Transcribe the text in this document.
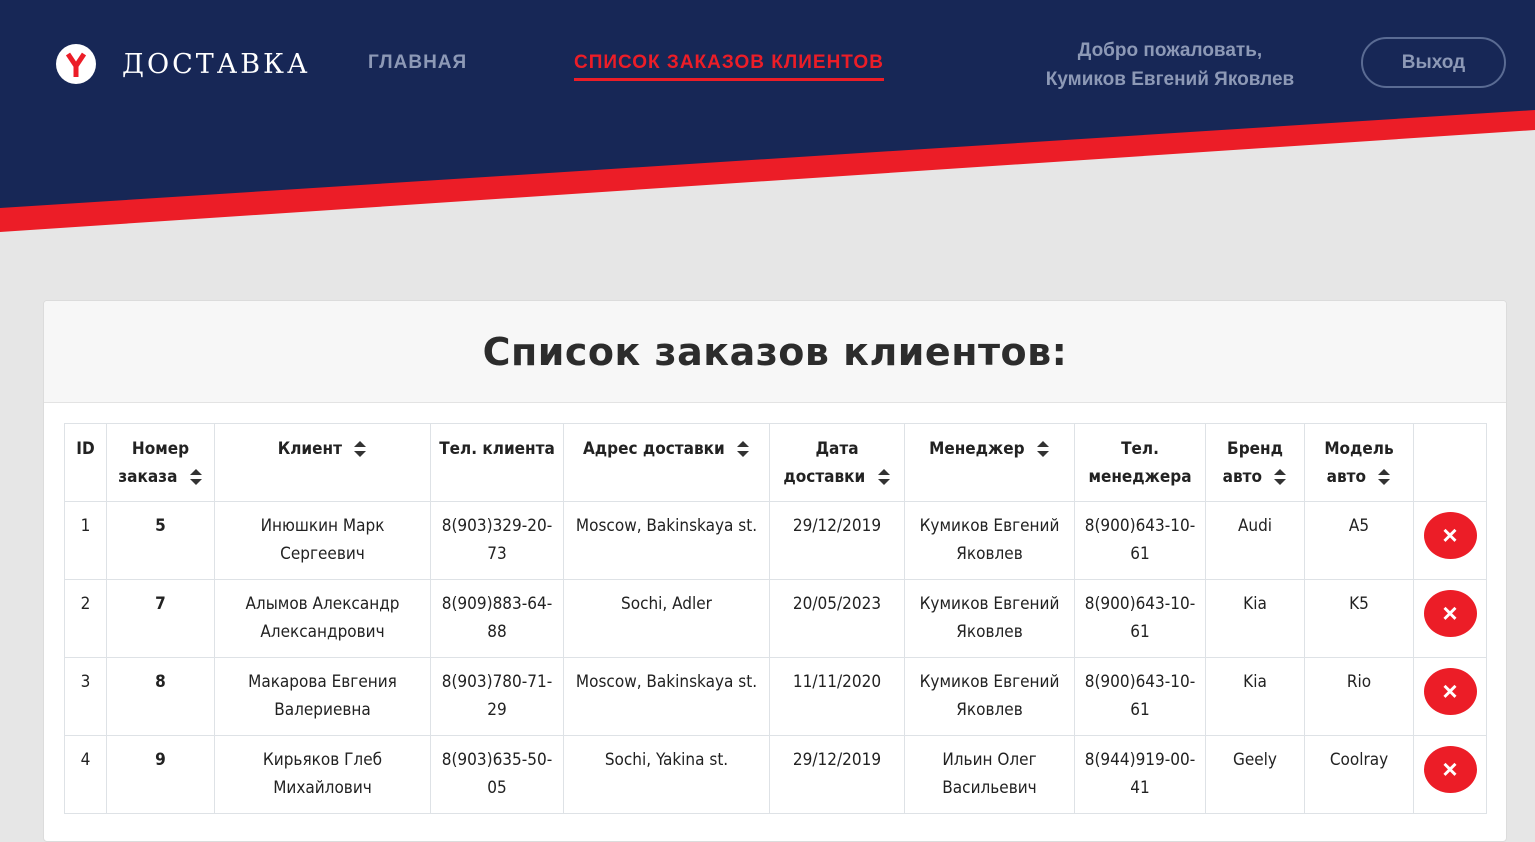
ДОСТАВКА	ГЛАВНАЯ	СПИСОК ЗАКАЗОВ КЛИЕНТОВ
Добро пожаловать,
Кумиков Евгений Яковлев
Выход
Список заказов клиентов:
ID	Номер заказа	Клиент	Тел. клиента	Адрес доставки	Дата доставки	Менеджер	Тел. менеджера	Бренд авто	Модель авто	
1	5	Инюшкин Марк Сергеевич	8(903)329-20-73	Moscow, Bakinskaya st.	29/12/2019	Кумиков Евгений Яковлев	8(900)643-10-61	Audi	A5	×

2	7	Алымов Александр Александрович	8(909)883-64-88	Sochi, Adler	20/05/2023	Кумиков Евгений Яковлев	8(900)643-10-61	Kia	K5	×

3	8	Макарова Евгения Валериевна	8(903)780-71-29	Moscow, Bakinskaya st.	11/11/2020	Кумиков Евгений Яковлев	8(900)643-10-61	Kia	Rio	×

4	9	Кирьяков Глеб Михайлович	8(903)635-50-05	Sochi, Yakina st.	29/12/2019	Ильин Олег Васильевич	8(944)919-00-41	Geely	Coolray	×
